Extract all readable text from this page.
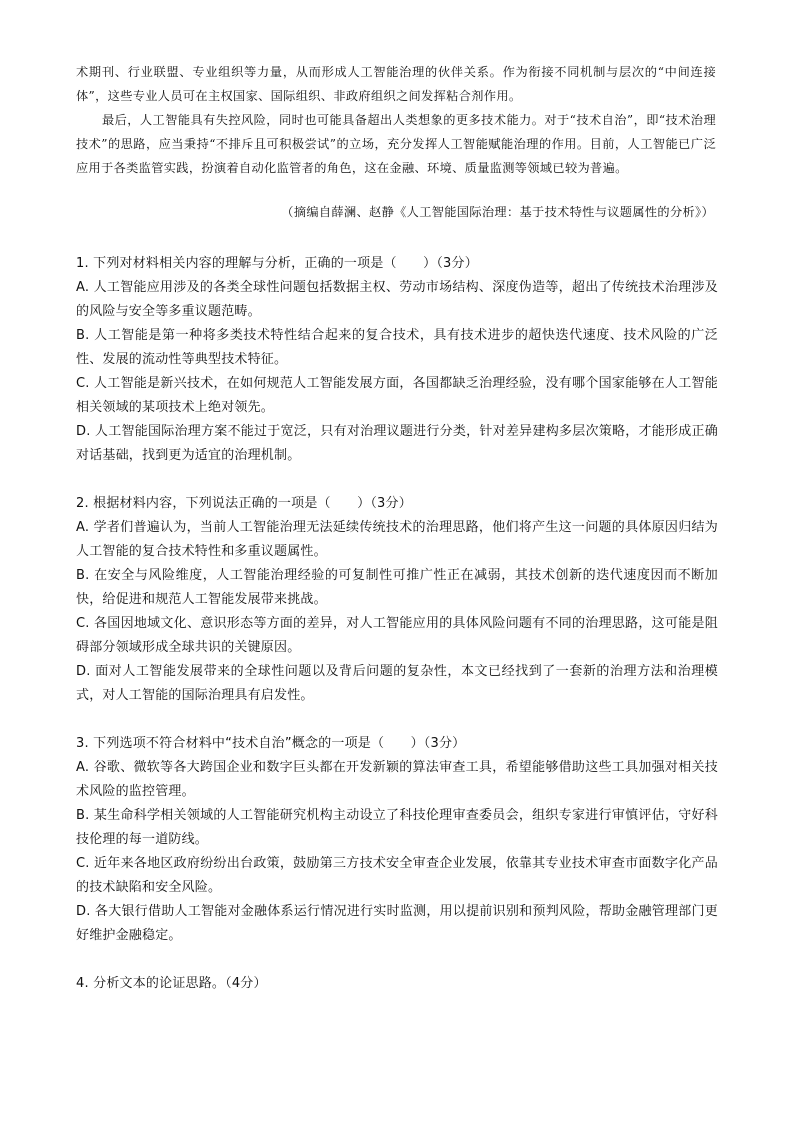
术期刊、行业联盟、专业组织等力量，从而形成人工智能治理的伙伴关系。作为衔接不同机制与层次的“中间连接体”，这些专业人员可在主权国家、国际组织、非政府组织之间发挥粘合剂作用。
最后，人工智能具有失控风险，同时也可能具备超出人类想象的更多技术能力。对于“技术自治”，即“技术治理技术”的思路，应当秉持“不排斥且可积极尝试”的立场，充分发挥人工智能赋能治理的作用。目前，人工智能已广泛应用于各类监管实践，扮演着自动化监管者的角色，这在金融、环境、质量监测等领域已较为普遍。
（摘编自薛澜、赵静《人工智能国际治理：基于技术特性与议题属性的分析》）
1. 下列对材料相关内容的理解与分析，正确的一项是（　　）（3分）
A. 人工智能应用涉及的各类全球性问题包括数据主权、劳动市场结构、深度伪造等，超出了传统技术治理涉及的风险与安全等多重议题范畴。
B. 人工智能是第一种将多类技术特性结合起来的复合技术，具有技术进步的超快迭代速度、技术风险的广泛性、发展的流动性等典型技术特征。
C. 人工智能是新兴技术，在如何规范人工智能发展方面，各国都缺乏治理经验，没有哪个国家能够在人工智能相关领域的某项技术上绝对领先。
D. 人工智能国际治理方案不能过于宽泛，只有对治理议题进行分类，针对差异建构多层次策略，才能形成正确对话基础，找到更为适宜的治理机制。
2. 根据材料内容，下列说法正确的一项是（　　）（3分）
A. 学者们普遍认为，当前人工智能治理无法延续传统技术的治理思路，他们将产生这一问题的具体原因归结为人工智能的复合技术特性和多重议题属性。
B. 在安全与风险维度，人工智能治理经验的可复制性可推广性正在减弱，其技术创新的迭代速度因而不断加快，给促进和规范人工智能发展带来挑战。
C. 各国因地域文化、意识形态等方面的差异，对人工智能应用的具体风险问题有不同的治理思路，这可能是阻碍部分领域形成全球共识的关键原因。
D. 面对人工智能发展带来的全球性问题以及背后问题的复杂性，本文已经找到了一套新的治理方法和治理模式，对人工智能的国际治理具有启发性。
3. 下列选项不符合材料中“技术自治”概念的一项是（　　）（3分）
A. 谷歌、微软等各大跨国企业和数字巨头都在开发新颖的算法审查工具，希望能够借助这些工具加强对相关技术风险的监控管理。
B. 某生命科学相关领域的人工智能研究机构主动设立了科技伦理审查委员会，组织专家进行审慎评估，守好科技伦理的每一道防线。
C. 近年来各地区政府纷纷出台政策，鼓励第三方技术安全审查企业发展，依靠其专业技术审查市面数字化产品的技术缺陷和安全风险。
D. 各大银行借助人工智能对金融体系运行情况进行实时监测，用以提前识别和预判风险，帮助金融管理部门更好维护金融稳定。
4. 分析文本的论证思路。（4分）
